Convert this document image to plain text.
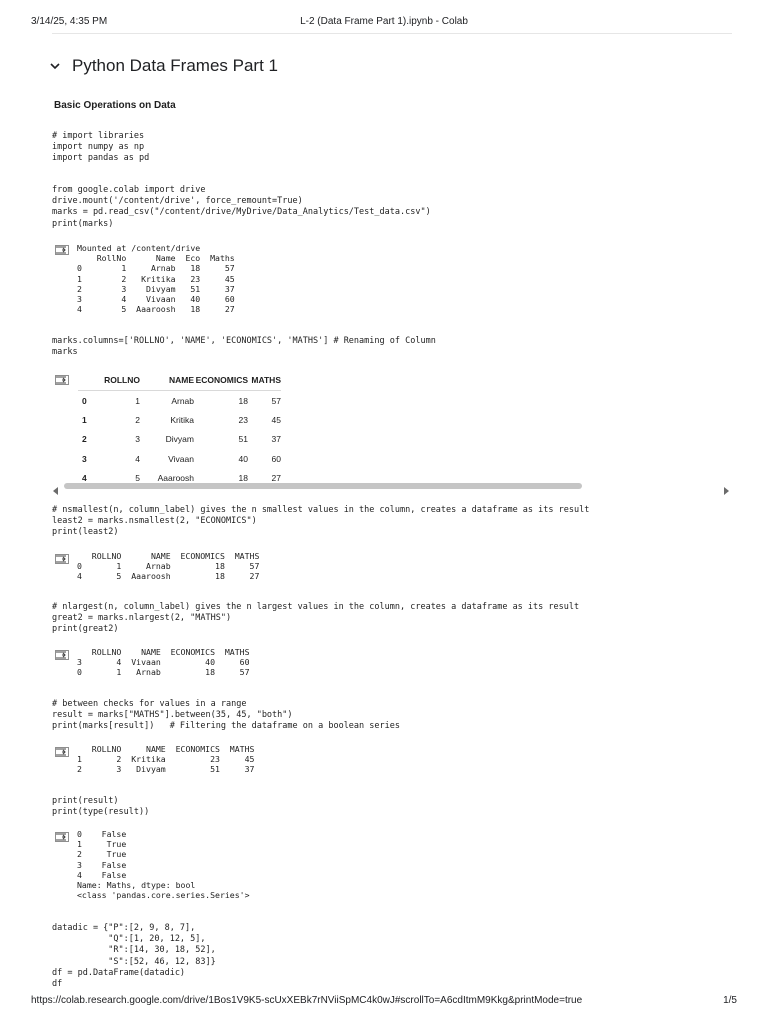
3/14/25, 4:35 PM	L-2 (Data Frame Part 1).ipynb - Colab
Python Data Frames Part 1
Basic Operations on Data
# import libraries
import numpy as np
import pandas as pd
from google.colab import drive
drive.mount('/content/drive', force_remount=True)
marks = pd.read_csv("/content/drive/MyDrive/Data_Analytics/Test_data.csv")
print(marks)
Mounted at /content/drive
RollNo      Name  Eco  Maths
0        1     Arnab   18     57
1        2   Kritika   23     45
2        3    Divyam   51     37
3        4    Vivaan   40     60
4        5  Aaaroosh   18     27
marks.columns=['ROLLNO', 'NAME', 'ECONOMICS', 'MATHS'] # Renaming of Column
marks
	ROLLNO	NAME	ECONOMICS	MATHS
0	1	Arnab	18	57
1	2	Kritika	23	45
2	3	Divyam	51	37
3	4	Vivaan	40	60
4	5	Aaaroosh	18	27
# nsmallest(n, column_label) gives the n smallest values in the column, creates a dataframe as its result
least2 = marks.nsmallest(2, "ECONOMICS")
print(least2)
ROLLNO      NAME  ECONOMICS  MATHS
0       1     Arnab         18     57
4       5  Aaaroosh         18     27
# nlargest(n, column_label) gives the n largest values in the column, creates a dataframe as its result
great2 = marks.nlargest(2, "MATHS")
print(great2)
ROLLNO    NAME  ECONOMICS  MATHS
3       4  Vivaan         40     60
0       1   Arnab         18     57
# between checks for values in a range
result = marks["MATHS"].between(35, 45, "both")
print(marks[result])   # Filtering the dataframe on a boolean series
ROLLNO     NAME  ECONOMICS  MATHS
1       2  Kritika         23     45
2       3   Divyam         51     37
print(result)
print(type(result))
0    False
1     True
2     True
3    False
4    False
Name: Maths, dtype: bool
<class 'pandas.core.series.Series'>
datadic = {"P":[2, 9, 8, 7],
"Q":[1, 20, 12, 5],
"R":[14, 30, 18, 52],
"S":[52, 46, 12, 83]}
df = pd.DataFrame(datadic)
df
https://colab.research.google.com/drive/1Bos1V9K5-scUxXEBk7rNViiSpMC4k0wJ#scrollTo=A6cdItmM9Kkg&printMode=true	1/5
